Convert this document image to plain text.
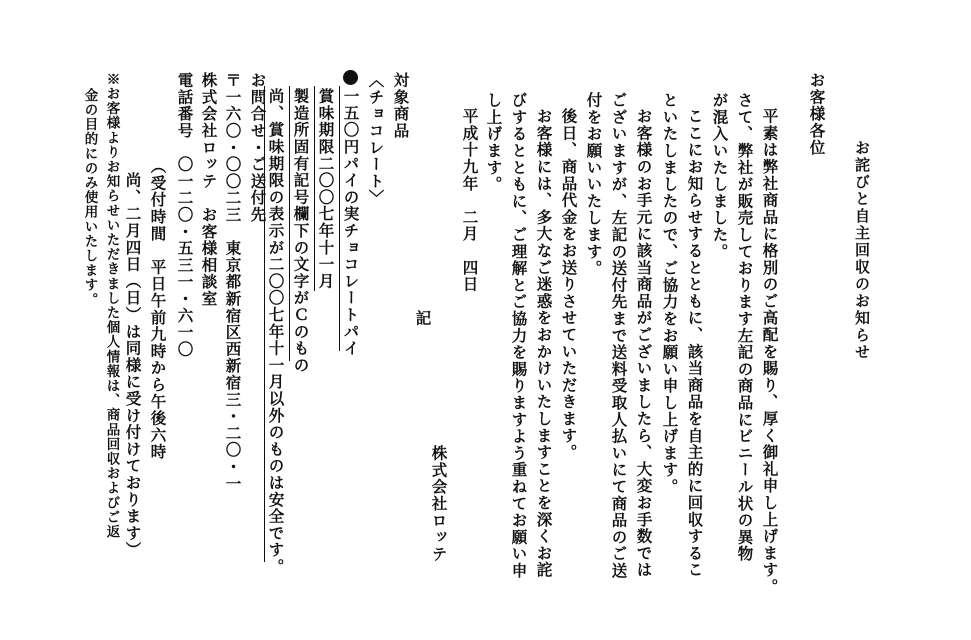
お詫びと自主回収のお知らせ
お客様各位
平素は弊社商品に格別のご高配を賜り、厚く御礼申し上げます。
さて、弊社が販売しております左記の商品にビニール状の異物
が混入いたしました。
ここにお知らせするとともに、該当商品を自主的に回収するこ
といたしましたので、ご協力をお願い申し上げます。
お客様のお手元に該当商品がございましたら、大変お手数では
ございますが、左記の送付先まで送料受取人払いにて商品のご送
付をお願いいたします。
後日、商品代金をお送りさせていただきます。
お客様には、多大なご迷惑をおかけいたしますことを深くお詫
びするとともに、ご理解とご協力を賜りますよう重ねてお願い申
し上げます。
平成十九年　二月　四日
株式会社ロッテ
記
対象商品
〈チョコレート〉
一五〇円パイの実チョコレートパイ
賞味期限二〇〇七年十一月
製造所固有記号欄下の文字がＣのもの
尚、賞味期限の表示が二〇〇七年十一月以外のものは安全です。
お問合せ・ご送付先
〒一六〇・〇〇二三　東京都新宿区西新宿三・二〇・一
株式会社ロッテ　お客様相談室
電話番号　〇一二〇・五三一・六一〇
（受付時間　平日午前九時から午後六時
尚、二月四日（日）は同様に受け付けております）
※お客様よりお知らせいただきました個人情報は、商品回収およびご返
金の目的にのみ使用いたします。
